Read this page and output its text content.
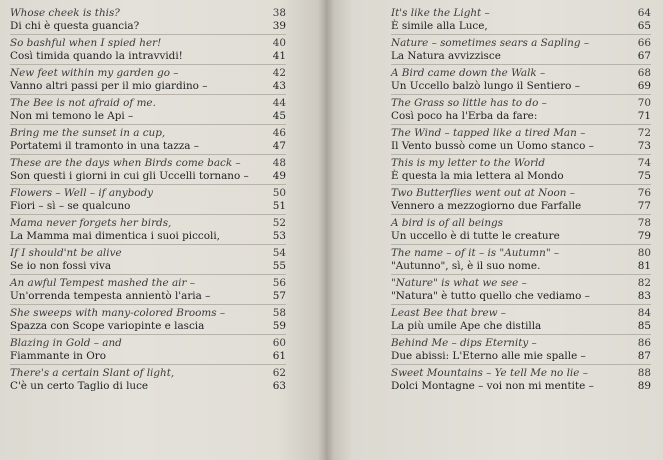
Whose cheek is this?	38
Di chi è questa guancia?	39
So bashful when I spied her!	40
Così timida quando la intravvidi!	41
New feet within my garden go –	42
Vanno altri passi per il mio giardino –	43
The Bee is not afraid of me.	44
Non mi temono le Api –	45
Bring me the sunset in a cup,	46
Portatemi il tramonto in una tazza –	47
These are the days when Birds come back –	48
Son questi i giorni in cui gli Uccelli tornano – 49
Flowers – Well – if anybody	50
Fiori – sì – se qualcuno	51
Mama never forgets her birds,	52
La Mamma mai dimentica i suoi piccoli,	53
If I should'nt be alive	54
Se io non fossi viva	55
An awful Tempest mashed the air –	56
Un'orrenda tempesta annientò l'aria –	57
She sweeps with many-colored Brooms –	58
Spazza con Scope variopinte e lascia	59
Blazing in Gold – and	60
Fiammante in Oro	61
There's a certain Slant of light,	62
C'è un certo Taglio di luce	63
It's like the Light –	64
È simile alla Luce,	65
Nature – sometimes sears a Sapling –	66
La Natura avvizzisce	67
A Bird came down the Walk –	68
Un Uccello balzò lungo il Sentiero –	69
The Grass so little has to do –	70
Così poco ha l'Erba da fare:	71
The Wind – tapped like a tired Man –	72
Il Vento bussò come un Uomo stanco –	73
This is my letter to the World	74
È questa la mia lettera al Mondo	75
Two Butterflies went out at Noon –	76
Vennero a mezzogiorno due Farfalle	77
A bird is of all beings	78
Un uccello è di tutte le creature	79
The name – of it – is "Autumn" –	80
"Autunno", sì, è il suo nome.	81
"Nature" is what we see –	82
"Natura" è tutto quello che vediamo –	83
Least Bee that brew –	84
La più umile Ape che distilla	85
Behind Me – dips Eternity –	86
Due abissi: L'Eterno alle mie spalle –	87
Sweet Mountains – Ye tell Me no lie –	88
Dolci Montagne – voi non mi mentite –	89
